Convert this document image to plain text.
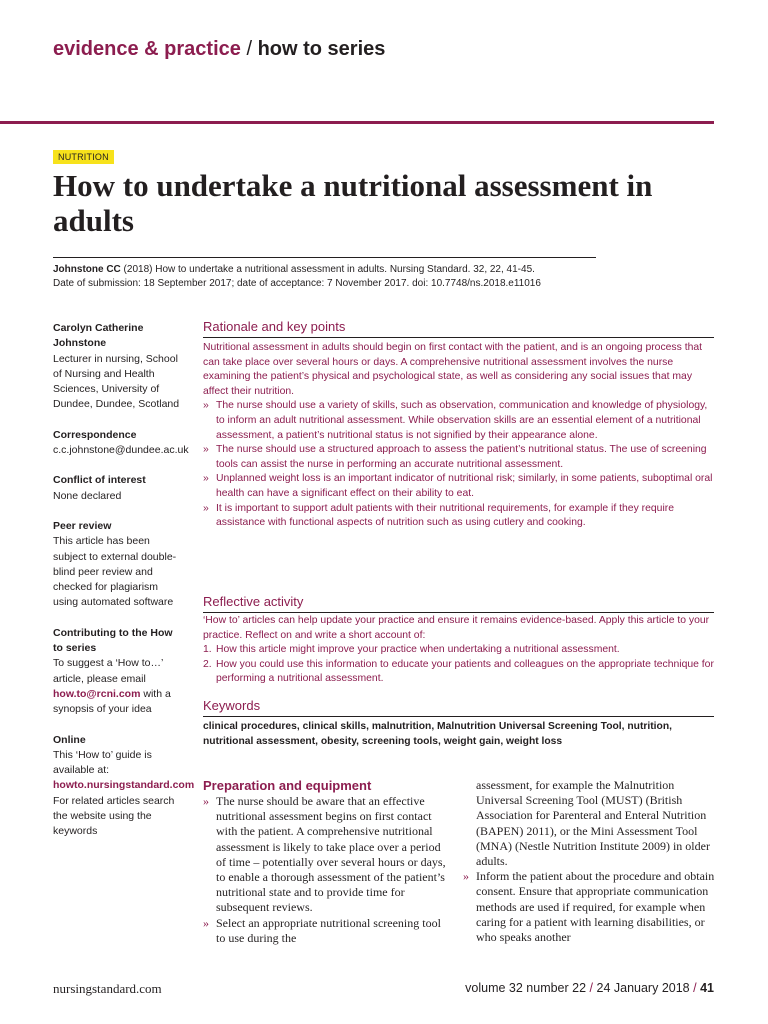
evidence & practice / how to series
NUTRITION
How to undertake a nutritional assessment in adults
Johnstone CC (2018) How to undertake a nutritional assessment in adults. Nursing Standard. 32, 22, 41-45.
Date of submission: 18 September 2017; date of acceptance: 7 November 2017. doi: 10.7748/ns.2018.e11016
Carolyn Catherine Johnstone
Lecturer in nursing, School of Nursing and Health Sciences, University of Dundee, Dundee, Scotland
Correspondence
c.c.johnstone@dundee.ac.uk
Conflict of interest
None declared
Peer review
This article has been subject to external double-blind peer review and checked for plagiarism using automated software
Contributing to the How to series
To suggest a ‘How to…’ article, please email how.to@rcni.com with a synopsis of your idea
Online
This ‘How to’ guide is available at: howto.nursingstandard.com
For related articles search the website using the keywords
Rationale and key points
Nutritional assessment in adults should begin on first contact with the patient, and is an ongoing process that can take place over several hours or days. A comprehensive nutritional assessment involves the nurse examining the patient’s physical and psychological state, as well as considering any social issues that may affect their nutrition.
» The nurse should use a variety of skills, such as observation, communication and knowledge of physiology, to inform an adult nutritional assessment. While observation skills are an essential element of a nutritional assessment, a patient’s nutritional status is not signified by their appearance alone.
» The nurse should use a structured approach to assess the patient’s nutritional status. The use of screening tools can assist the nurse in performing an accurate nutritional assessment.
» Unplanned weight loss is an important indicator of nutritional risk; similarly, in some patients, suboptimal oral health can have a significant effect on their ability to eat.
» It is important to support adult patients with their nutritional requirements, for example if they require assistance with functional aspects of nutrition such as using cutlery and cooking.
Reflective activity
‘How to’ articles can help update your practice and ensure it remains evidence-based. Apply this article to your practice. Reflect on and write a short account of:
1. How this article might improve your practice when undertaking a nutritional assessment.
2. How you could use this information to educate your patients and colleagues on the appropriate technique for performing a nutritional assessment.
Keywords
clinical procedures, clinical skills, malnutrition, Malnutrition Universal Screening Tool, nutrition, nutritional assessment, obesity, screening tools, weight gain, weight loss
Preparation and equipment
» The nurse should be aware that an effective nutritional assessment begins on first contact with the patient. A comprehensive nutritional assessment is likely to take place over a period of time – potentially over several hours or days, to enable a thorough assessment of the patient’s nutritional state and to provide time for subsequent reviews.
» Select an appropriate nutritional screening tool to use during the
assessment, for example the Malnutrition Universal Screening Tool (MUST) (British Association for Parenteral and Enteral Nutrition (BAPEN) 2011), or the Mini Assessment Tool (MNA) (Nestle Nutrition Institute 2009) in older adults.
» Inform the patient about the procedure and obtain consent. Ensure that appropriate communication methods are used if required, for example when caring for a patient with learning disabilities, or who speaks another
nursingstandard.com	volume 32 number 22 / 24 January 2018 / 41
